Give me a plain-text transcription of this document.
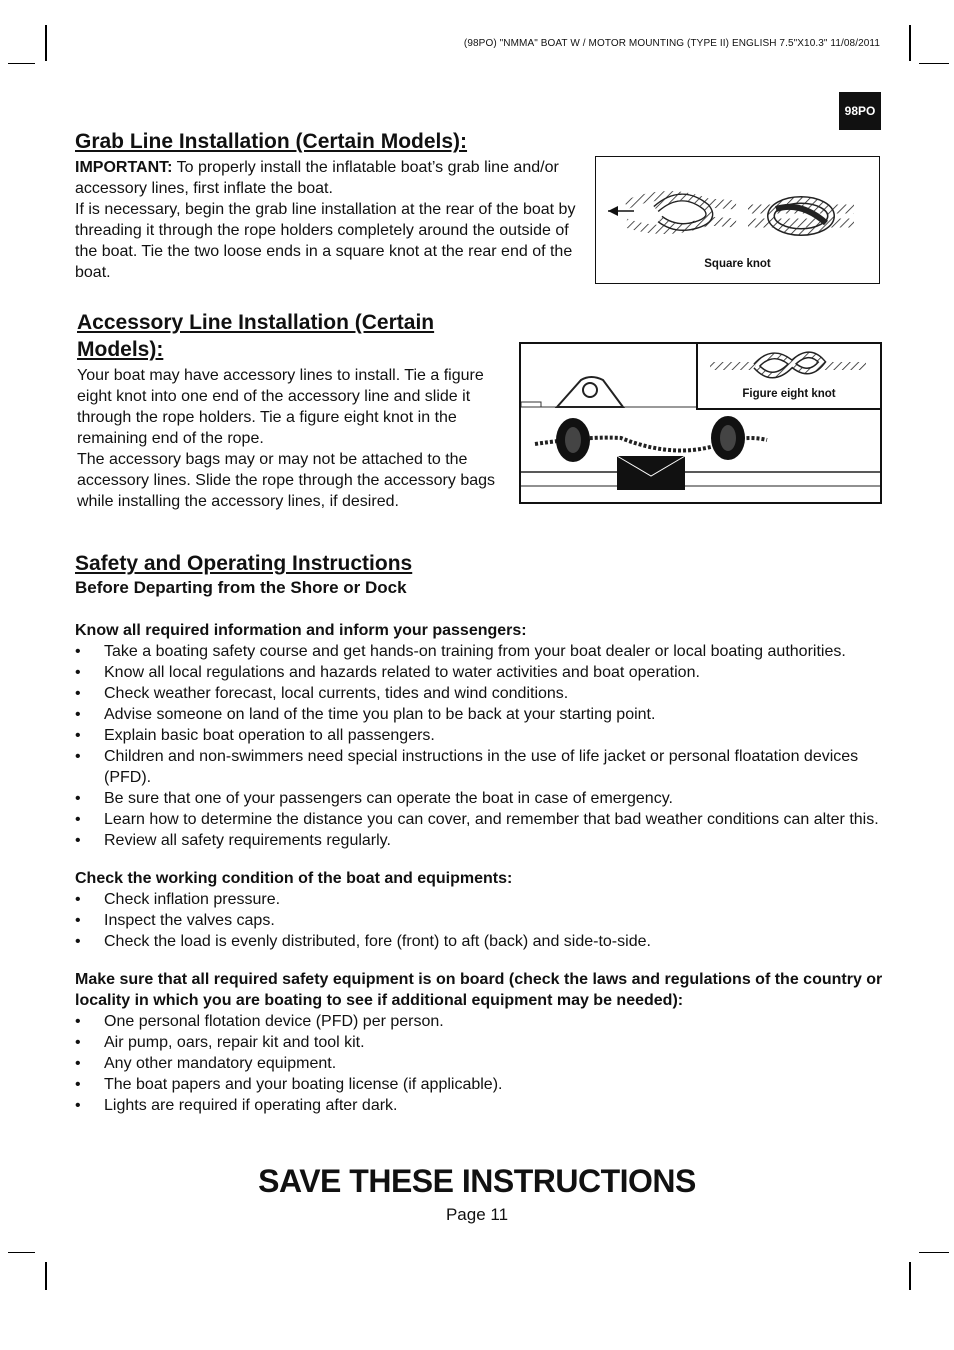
(98PO) "NMMA" BOAT W / MOTOR MOUNTING (TYPE II) ENGLISH 7.5"X10.3" 11/08/2011
98PO
Grab Line Installation (Certain Models):

IMPORTANT: To properly install the inflatable boat’s grab line and/or accessory lines, first inflate the boat.

If is necessary, begin the grab line installation at the rear of the boat by threading it through the rope holders completely around the outside of the boat. Tie the two loose ends in a square knot at the rear end of the boat.	Square knot
Accessory Line Installation (Certain
Models):

Your boat may have accessory lines to install. Tie a figure eight knot into one end of the accessory line and slide it through the rope holders. Tie a figure eight knot in the remaining end of the rope.

The accessory bags may or may not be attached to the accessory lines. Slide the rope through the accessory bags while installing the accessory lines, if desired.

Figure eight knot
Safety and Operating Instructions
Before Departing from the Shore or Dock
Know all required information and inform your passengers:
• Take a boating safety course and get hands-on training from your boat dealer or local boating authorities.
• Know all local regulations and hazards related to water activities and boat operation.
• Check weather forecast, local currents, tides and wind conditions.
• Advise someone on land of the time you plan to be back at your starting point.
• Explain basic boat operation to all passengers.
• Children and non-swimmers need special instructions in the use of life jacket or personal floatation devices (PFD).
• Be sure that one of your passengers can operate the boat in case of emergency.
• Learn how to determine the distance you can cover, and remember that bad weather conditions can alter this.
• Review all safety requirements regularly.
Check the working condition of the boat and equipments:
• Check inflation pressure.
• Inspect the valves caps.
• Check the load is evenly distributed, fore (front) to aft (back) and side-to-side.
Make sure that all required safety equipment is on board (check the laws and regulations of the country or locality in which you are boating to see if additional equipment may be needed):
• One personal flotation device (PFD) per person.
• Air pump, oars, repair kit and tool kit.
• Any other mandatory equipment.
• The boat papers and your boating license (if applicable).
• Lights are required if operating after dark.
SAVE THESE INSTRUCTIONS
Page 11
